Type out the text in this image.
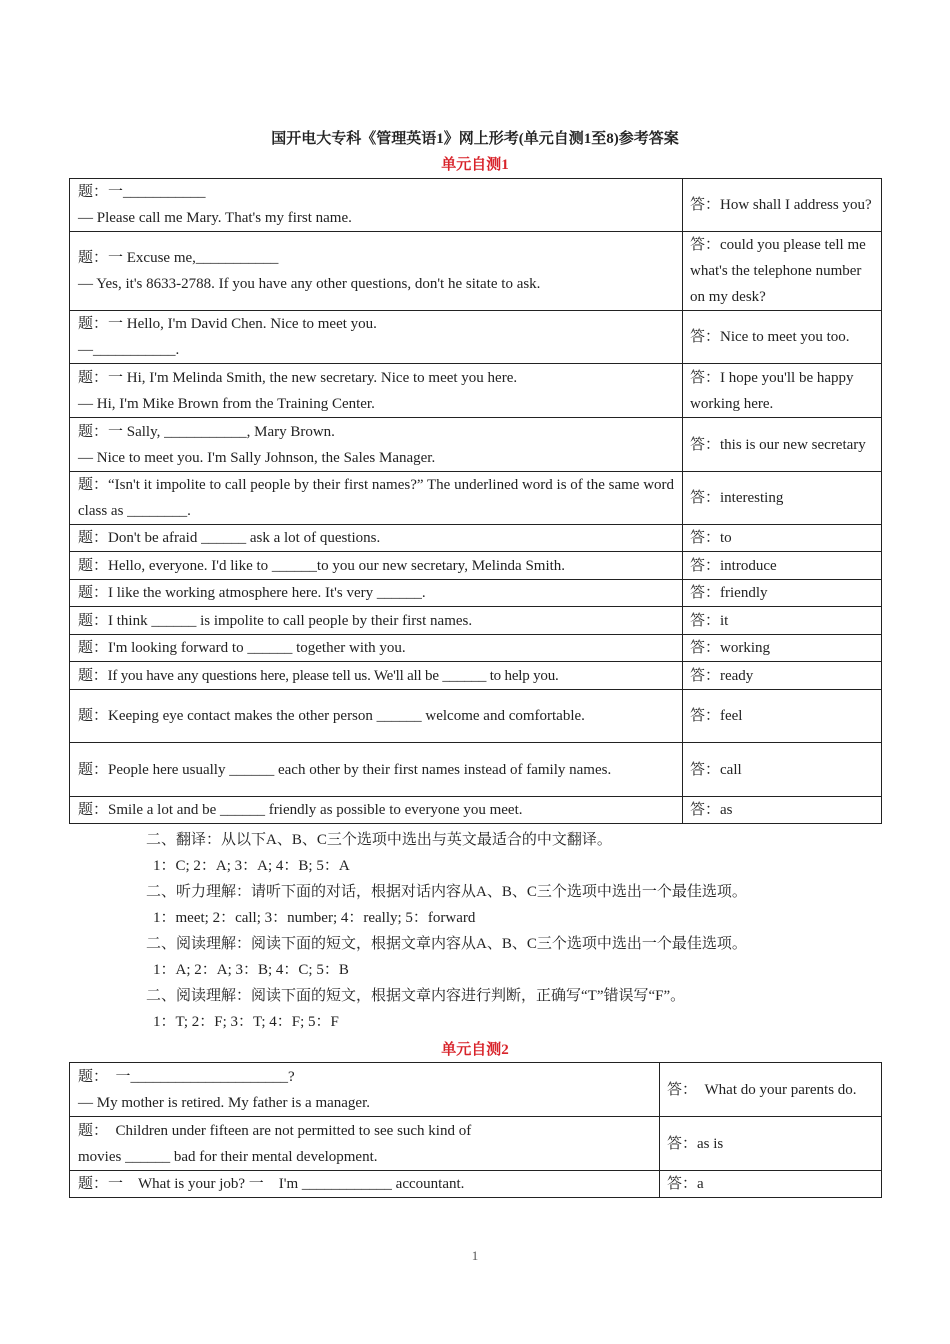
国开电大专科《管理英语1》网上形考(单元自测1至8)参考答案
单元自测1
题：一___________
— Please call me Mary. That's my first name.	答：How shall I address you?

题：一 Excuse me,___________
— Yes, it's 8633-2788. If you have any other questions, don't he sitate to ask.	答：could you please tell me what's the telephone number on my desk?

题：一 Hello, I'm David Chen. Nice to meet you.
—___________.	答：Nice to meet you too.

题：一 Hi, I'm Melinda Smith, the new secretary. Nice to meet you here.
— Hi, I'm Mike Brown from the Training Center.	答：I hope you'll be happy working here.

题：一 Sally, ___________, Mary Brown.
— Nice to meet you. I'm Sally Johnson, the Sales Manager.	答：this is our new secretary
题：“Isn't it impolite to call people by their first names?” The underlined word is of the same word class as ________.	答：interesting
题：Don't be afraid ______ ask a lot of questions.	答：to
题：Hello, everyone. I'd like to ______to you our new secretary, Melinda Smith.	答：introduce
题：I like the working atmosphere here. It's very ______.	答：friendly
题：I think ______ is impolite to call people by their first names.	答：it
题：I'm looking forward to ______ together with you.	答：working
题：If you have any questions here, please tell us. We'll all be ______ to help you.	答：ready
题：Keeping eye contact makes the other person ______ welcome and comfortable.	答：feel
题：People here usually ______ each other by their first names instead of family names.	答：call
题：Smile a lot and be ______ friendly as possible to everyone you meet.	答：as
二、翻译：从以下A、B、C三个选项中选出与英文最适合的中文翻译。
1：C; 2：A; 3：A; 4：B; 5：A
二、听力理解：请听下面的对话，根据对话内容从A、B、C三个选项中选出一个最佳选项。
1：meet; 2：call; 3：number; 4：really; 5：forward
二、阅读理解：阅读下面的短文，根据文章内容从A、B、C三个选项中选出一个最佳选项。
1：A; 2：A; 3：B; 4：C; 5：B
二、阅读理解：阅读下面的短文，根据文章内容进行判断，正确写“T”错误写“F”。
1：T; 2：F; 3：T; 4：F; 5：F
单元自测2
题：　一_____________________?
— My mother is retired. My father is a manager.	答：　What do your parents do.

题：　Children under fifteen are not permitted to see such kind of
movies ______ bad for their mental development.	答：as is
题：一　What is your job? 一　I'm ____________ accountant.	答：a
1
